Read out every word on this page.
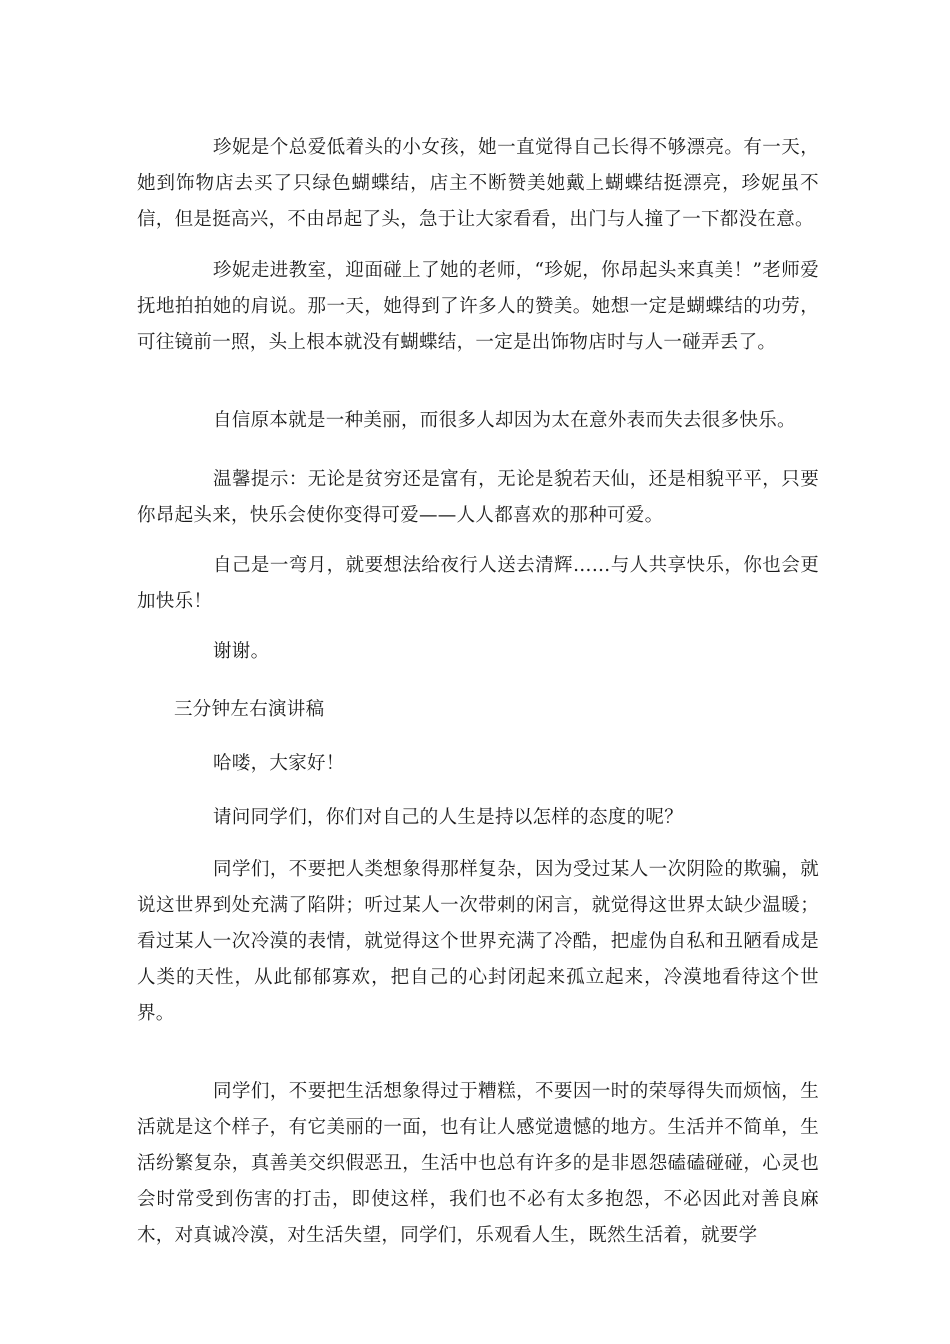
珍妮是个总爱低着头的小女孩，她一直觉得自己长得不够漂亮。有一天，她到饰物店去买了只绿色蝴蝶结，店主不断赞美她戴上蝴蝶结挺漂亮，珍妮虽不信，但是挺高兴，不由昂起了头，急于让大家看看，出门与人撞了一下都没在意。

珍妮走进教室，迎面碰上了她的老师，“珍妮，你昂起头来真美！”老师爱抚地拍拍她的肩说。那一天，她得到了许多人的赞美。她想一定是蝴蝶结的功劳，可往镜前一照，头上根本就没有蝴蝶结，一定是出饰物店时与人一碰弄丢了。

自信原本就是一种美丽，而很多人却因为太在意外表而失去很多快乐。

温馨提示：无论是贫穷还是富有，无论是貌若天仙，还是相貌平平，只要你昂起头来，快乐会使你变得可爱——人人都喜欢的那种可爱。

自己是一弯月，就要想法给夜行人送去清辉……与人共享快乐，你也会更加快乐！

谢谢。

三分钟左右演讲稿

哈喽，大家好！

请问同学们，你们对自己的人生是持以怎样的态度的呢？

同学们，不要把人类想象得那样复杂，因为受过某人一次阴险的欺骗，就说这世界到处充满了陷阱；听过某人一次带刺的闲言，就觉得这世界太缺少温暖；看过某人一次冷漠的表情，就觉得这个世界充满了冷酷，把虚伪自私和丑陋看成是人类的天性，从此郁郁寡欢，把自己的心封闭起来孤立起来，冷漠地看待这个世界。

同学们，不要把生活想象得过于糟糕，不要因一时的荣辱得失而烦恼，生活就是这个样子，有它美丽的一面，也有让人感觉遗憾的地方。生活并不简单，生活纷繁复杂，真善美交织假恶丑，生活中也总有许多的是非恩怨磕磕碰碰，心灵也会时常受到伤害的打击，即使这样，我们也不必有太多抱怨，不必因此对善良麻木，对真诚冷漠，对生活失望，同学们，乐观看人生，既然生活着，就要学
